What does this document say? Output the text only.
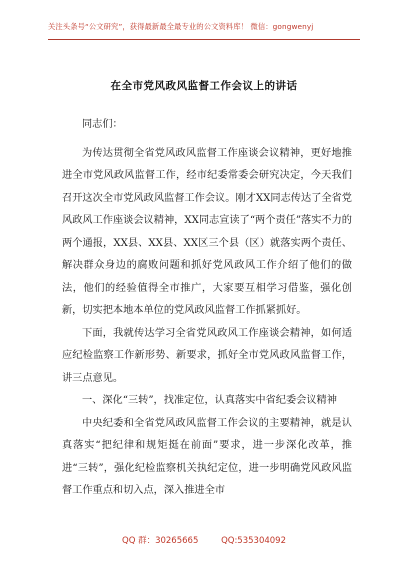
关注头条号“公文研究”，获得最新最全最专业的公文资料库！ 微信：gongwenyj
在全市党风政风监督工作会议上的讲话

同志们：

为传达贯彻全省党风政风监督工作座谈会议精神，更好地推进全市党风政风监督工作，经市纪委常委会研究决定，今天我们召开这次全市党风政风监督工作会议。刚才XX同志传达了全省党风政风工作座谈会议精神，XX同志宣读了“两个责任”落实不力的两个通报，XX县、XX县、XX区三个县（区）就落实两个责任、解决群众身边的腐败问题和抓好党风政风工作介绍了他们的做法，他们的经验值得全市推广，大家要互相学习借鉴，强化创新，切实把本地本单位的党风政风监督工作抓紧抓好。

下面，我就传达学习全省党风政风工作座谈会精神，如何适应纪检监察工作新形势、新要求，抓好全市党风政风监督工作，讲三点意见。

一、深化“三转”，找准定位，认真落实中省纪委会议精神

中央纪委和全省党风政风监督工作会议的主要精神，就是认真落实“把纪律和规矩挺在前面”要求，进一步深化改革，推进“三转”，强化纪检监察机关执纪定位，进一步明确党风政风监督工作重点和切入点，深入推进全市

QQ 群：30265665	QQ:535304092
